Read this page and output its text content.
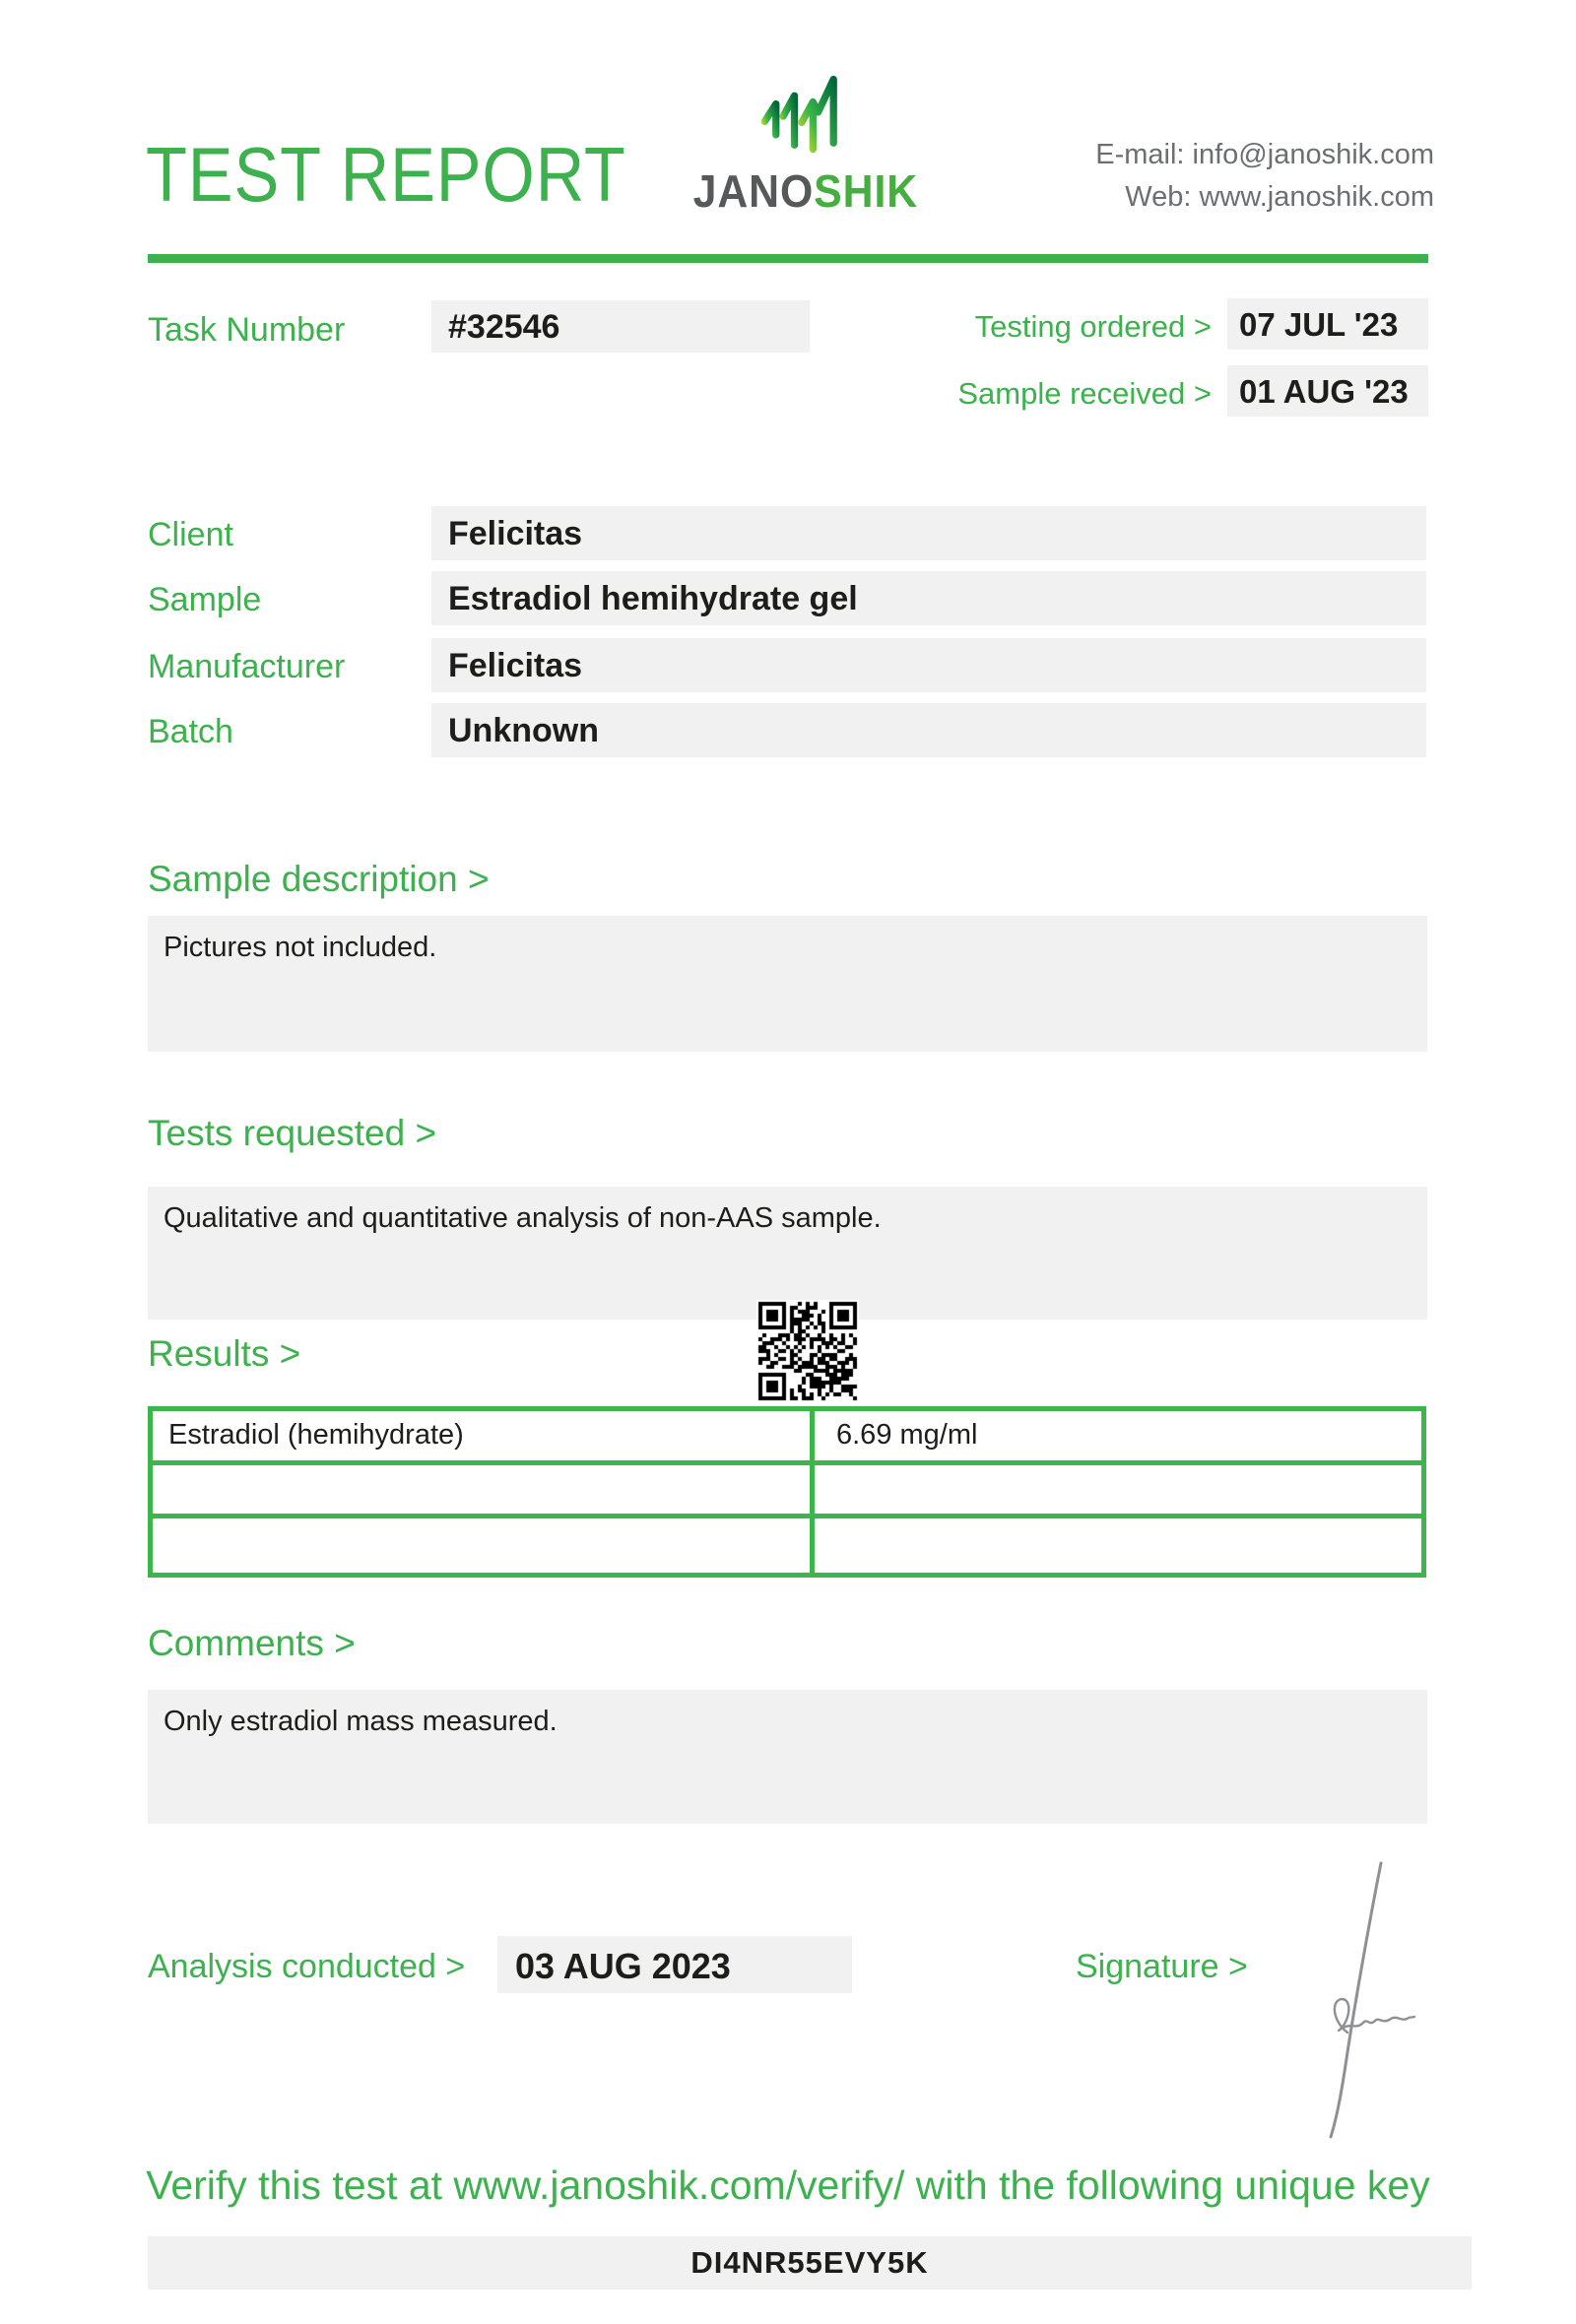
TEST REPORT JANOSHIK
E-mail: info@janoshik.com
Web: www.janoshik.com
Task Number	#32546	Testing ordered > 07 JUL '23
Sample received > 01 AUG '23
Client	Felicitas
Sample	Estradiol hemihydrate gel
Manufacturer	Felicitas
Batch	Unknown
Sample description >
Pictures not included.
Tests requested >
Qualitative and quantitative analysis of non-AAS sample.
Results >
Estradiol (hemihydrate)	6.69 mg/ml
Comments >
Only estradiol mass measured.
Analysis conducted >	03 AUG 2023	Signature >
Verify this test at www.janoshik.com/verify/ with the following unique key
DI4NR55EVY5K
